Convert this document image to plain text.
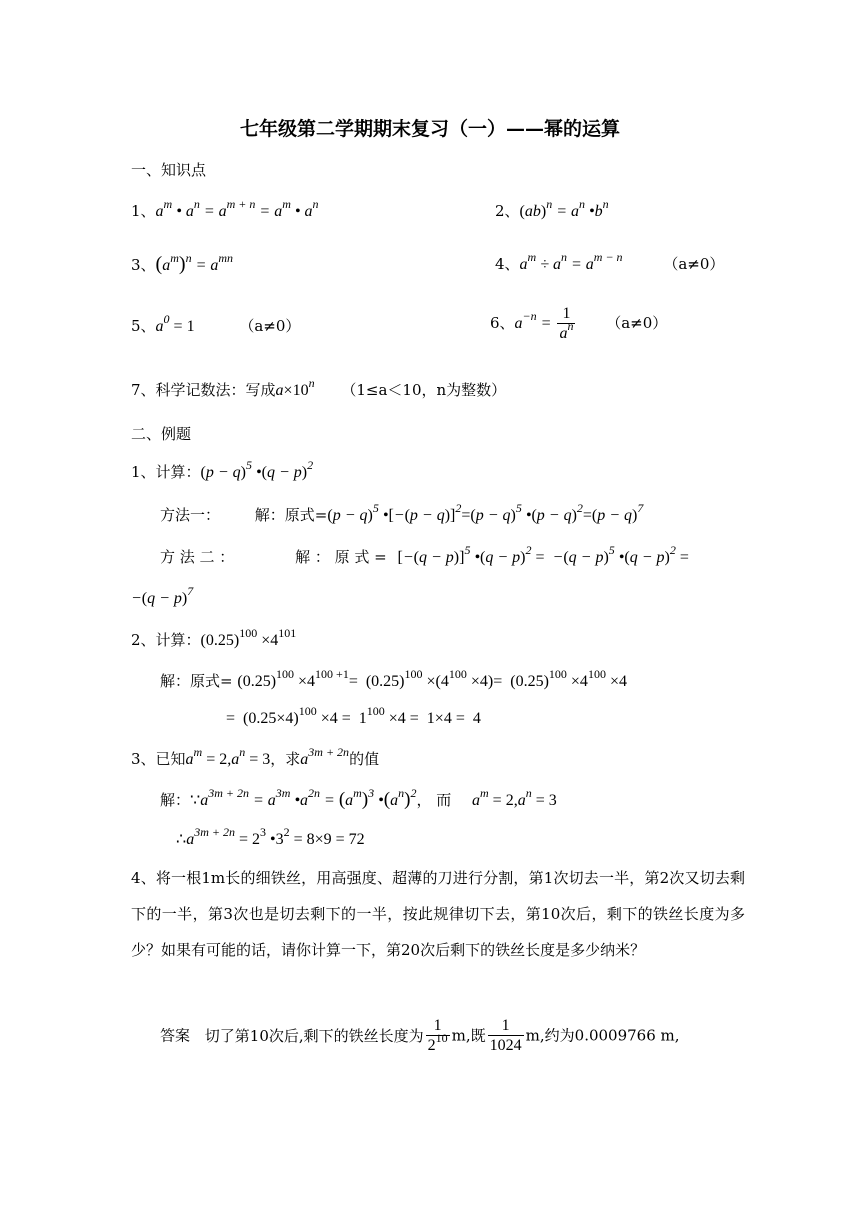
七年级第二学期期末复习（一）——幂的运算
一、知识点
1、$a^m$ • $a^n = a^{m + n} = a^m$ • $a^n$	2、$(ab)^n = a^n$ $•b^n$
3、$(a^m)^n = a^{mn}$	4、$a^m \div a^n = a^{m - n}$	（a≠0）
5、$a^0 = 1$	（a≠0）	6、$a^{-n} = \frac{1}{a^n} (a\ne 0)$
7、科学记数法：写成$a\times 10^n$ （1≤a＜10，n为整数）
二、例题
1、计算：$(p - q)^5$ •(q − p)$^2$
方法一： 解：原式$=(p - q)^5$ •[−(p − $q)]^2=(p - q)^5$ •(p − $q)^2=(p - q)^7$
方 法 二 ：	解 ： 原 式 = $[-(q - p)]^5$ •(q − $p)^2 = -(q - p)^5$ •(q − p)$^2$ =
$-(q - p)^7$
2、计算：$(0.25)^{100} \times 4^{101}$
解：原式= $(0.25)^{100} \times 4^{100 +1}= (0.25)^{100} \times(4^{100} \times 4)= (0.25)^{100} \times 4^{100} \times 4$
=  $(0.25\times 4)^{100} \times 4 = 1^{100} \times 4 = 1\times 4 = 4$
3、已知$a^m = 2,a^n = 3$，求$a^{3m + 2n}$的值
解：$\because a^{3m + 2n} = a^{3m}$ $•a^{2n} = (a^m)^3$ $•(a^n)^2$， 而 $a^m = 2,a^n = 3$
$\therefore a^{3m + 2n} = 2^3$ $•3^2 = 8\times 9 = 72$
4、将一根1m长的细铁丝，用高强度、超薄的刀进行分割，第1次切去一半，第2次又切去剩下的一半，第3次也是切去剩下的一半，按此规律切下去，第10次后，剩下的铁丝长度为多少？如果有可能的话，请你计算一下，第20次后剩下的铁丝长度是多少纳米？
答案 切了第10次后,剩下的铁丝长度为 $\frac{1}{2^{10}} m$,既 $\frac{1}{1024} m$,约为0.0009766 m,
